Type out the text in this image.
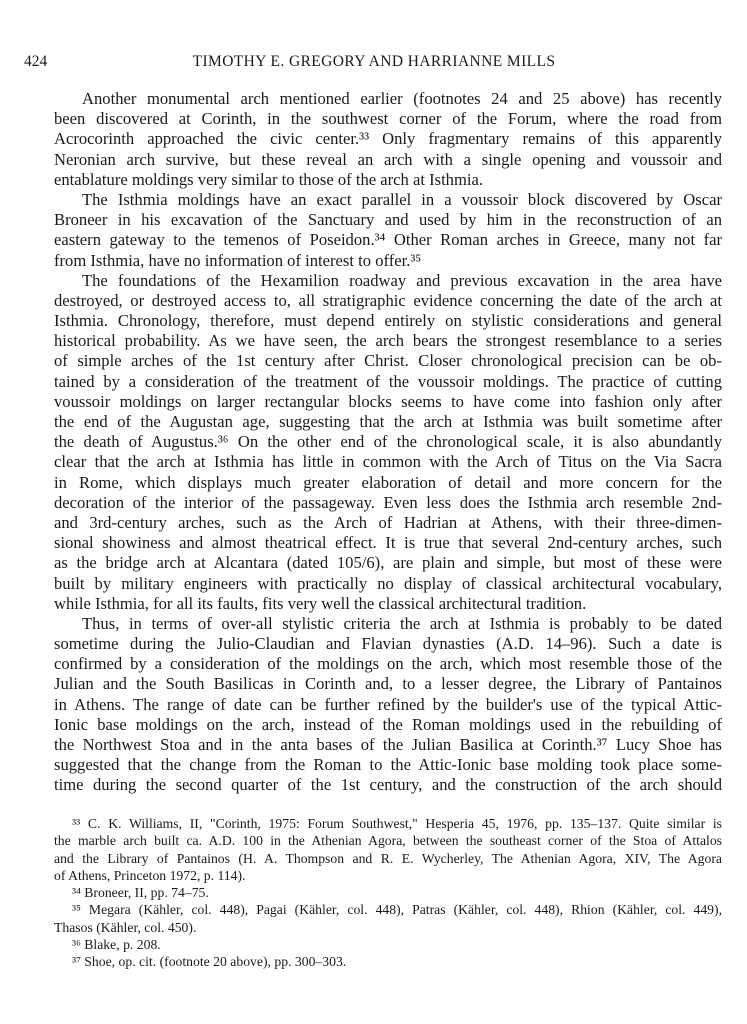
424	TIMOTHY E. GREGORY AND HARRIANNE MILLS
Another monumental arch mentioned earlier (footnotes 24 and 25 above) has recently
been discovered at Corinth, in the southwest corner of the Forum, where the road from
Acrocorinth approached the civic center.³³ Only fragmentary remains of this apparently
Neronian arch survive, but these reveal an arch with a single opening and voussoir and
entablature moldings very similar to those of the arch at Isthmia.
The Isthmia moldings have an exact parallel in a voussoir block discovered by Oscar
Broneer in his excavation of the Sanctuary and used by him in the reconstruction of an
eastern gateway to the temenos of Poseidon.³⁴ Other Roman arches in Greece, many not far
from Isthmia, have no information of interest to offer.³⁵
The foundations of the Hexamilion roadway and previous excavation in the area have
destroyed, or destroyed access to, all stratigraphic evidence concerning the date of the arch at
Isthmia. Chronology, therefore, must depend entirely on stylistic considerations and general
historical probability. As we have seen, the arch bears the strongest resemblance to a series
of simple arches of the 1st century after Christ. Closer chronological precision can be ob-
tained by a consideration of the treatment of the voussoir moldings. The practice of cutting
voussoir moldings on larger rectangular blocks seems to have come into fashion only after
the end of the Augustan age, suggesting that the arch at Isthmia was built sometime after
the death of Augustus.³⁶ On the other end of the chronological scale, it is also abundantly
clear that the arch at Isthmia has little in common with the Arch of Titus on the Via Sacra
in Rome, which displays much greater elaboration of detail and more concern for the
decoration of the interior of the passageway. Even less does the Isthmia arch resemble 2nd-
and 3rd-century arches, such as the Arch of Hadrian at Athens, with their three-dimen-
sional showiness and almost theatrical effect. It is true that several 2nd-century arches, such
as the bridge arch at Alcantara (dated 105/6), are plain and simple, but most of these were
built by military engineers with practically no display of classical architectural vocabulary,
while Isthmia, for all its faults, fits very well the classical architectural tradition.
Thus, in terms of over-all stylistic criteria the arch at Isthmia is probably to be dated
sometime during the Julio-Claudian and Flavian dynasties (A.D. 14–96). Such a date is
confirmed by a consideration of the moldings on the arch, which most resemble those of the
Julian and the South Basilicas in Corinth and, to a lesser degree, the Library of Pantainos
in Athens. The range of date can be further refined by the builder's use of the typical Attic-
Ionic base moldings on the arch, instead of the Roman moldings used in the rebuilding of
the Northwest Stoa and in the anta bases of the Julian Basilica at Corinth.³⁷ Lucy Shoe has
suggested that the change from the Roman to the Attic-Ionic base molding took place some-
time during the second quarter of the 1st century, and the construction of the arch should
³³ C. K. Williams, II, "Corinth, 1975: Forum Southwest," Hesperia 45, 1976, pp. 135–137. Quite similar is
the marble arch built ca. A.D. 100 in the Athenian Agora, between the southeast corner of the Stoa of Attalos
and the Library of Pantainos (H. A. Thompson and R. E. Wycherley, The Athenian Agora, XIV, The Agora
of Athens, Princeton 1972, p. 114).
³⁴ Broneer, II, pp. 74–75.
³⁵ Megara (Kähler, col. 448), Pagai (Kähler, col. 448), Patras (Kähler, col. 448), Rhion (Kähler, col. 449),
Thasos (Kähler, col. 450).
³⁶ Blake, p. 208.
³⁷ Shoe, op. cit. (footnote 20 above), pp. 300–303.
